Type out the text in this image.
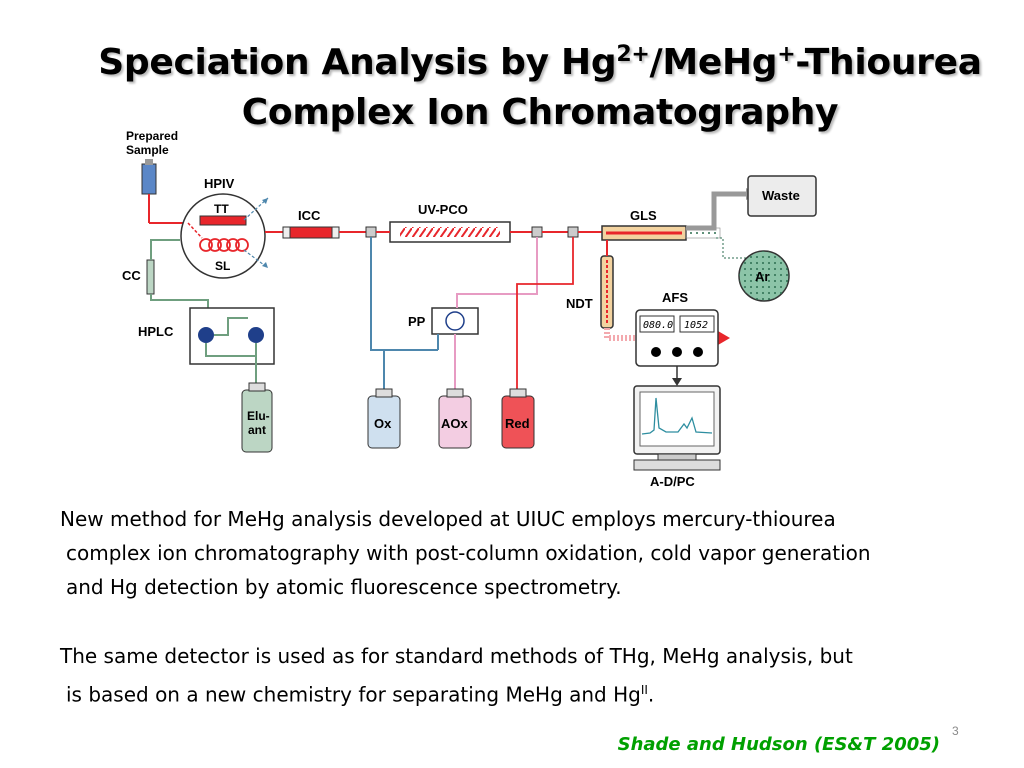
Speciation Analysis by $Hg^{2+}/MeHg^+$-Thiourea
Complex Ion Chromatography
Prepared
Sample
HPIV
TT
SL
CC
HPLC
Elu-
ant
ICC	UV-PCO
PP
Ox	AOx	Red
GLS
Waste
Ar
NDT	AFS
080.0 1052
A-D/PC

New method for MeHg analysis developed at UIUC employs mercury-thiourea

complex ion chromatography with post-column oxidation, cold vapor generation

and Hg detection by atomic fluorescence spectrometry.

The same detector is used as for standard methods of THg, MeHg analysis, but

is based on a new chemistry for separating MeHg and $Hg^{II}$.

3
Shade and Hudson (ES&T 2005)
